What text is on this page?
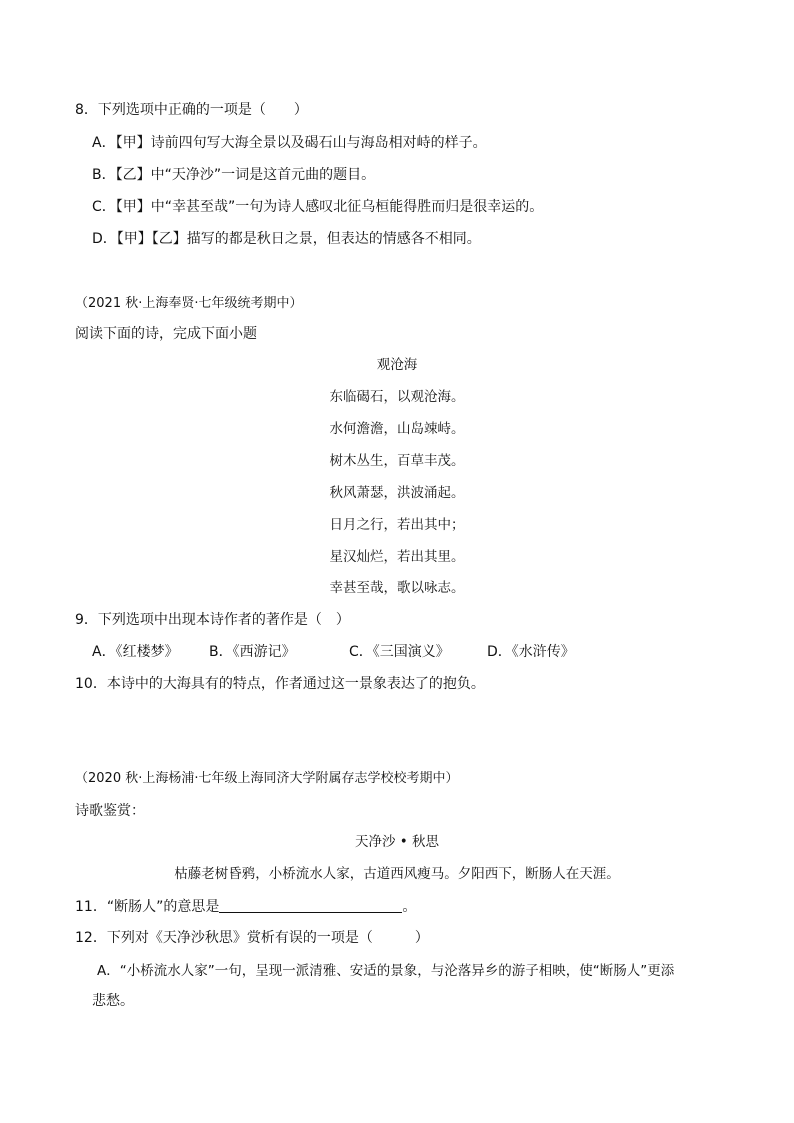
8．下列选项中正确的一项是（　　）
A．【甲】诗前四句写大海全景以及碣石山与海岛相对峙的样子。
B．【乙】中“天净沙”一词是这首元曲的题目。
C．【甲】中“幸甚至哉”一句为诗人感叹北征乌桓能得胜而归是很幸运的。
D．【甲】【乙】描写的都是秋日之景，但表达的情感各不相同。
（2021 秋·上海奉贤·七年级统考期中）
阅读下面的诗，完成下面小题
观沧海
东临碣石，以观沧海。
水何澹澹，山岛竦峙。
树木丛生，百草丰茂。
秋风萧瑟，洪波涌起。
日月之行，若出其中；
星汉灿烂，若出其里。
幸甚至哉，歌以咏志。
9．下列选项中出现本诗作者的著作是（　）
A．《红楼梦》 B．《西游记》	C．《三国演义》	D．《水浒传》
10．本诗中的大海具有的特点，作者通过这一景象表达了的抱负。
（2020 秋·上海杨浦·七年级上海同济大学附属存志学校校考期中）
诗歌鉴赏：
天净沙 • 秋思
枯藤老树昏鸦，小桥流水人家，古道西风瘦马。夕阳西下，断肠人在天涯。
11．“断肠人”的意思是	。
12．下列对《天净沙秋思》赏析有误的一项是（　　　）
A．“小桥流水人家”一句，呈现一派清雅、安适的景象，与沦落异乡的游子相映，使“断肠人”更添
悲愁。
